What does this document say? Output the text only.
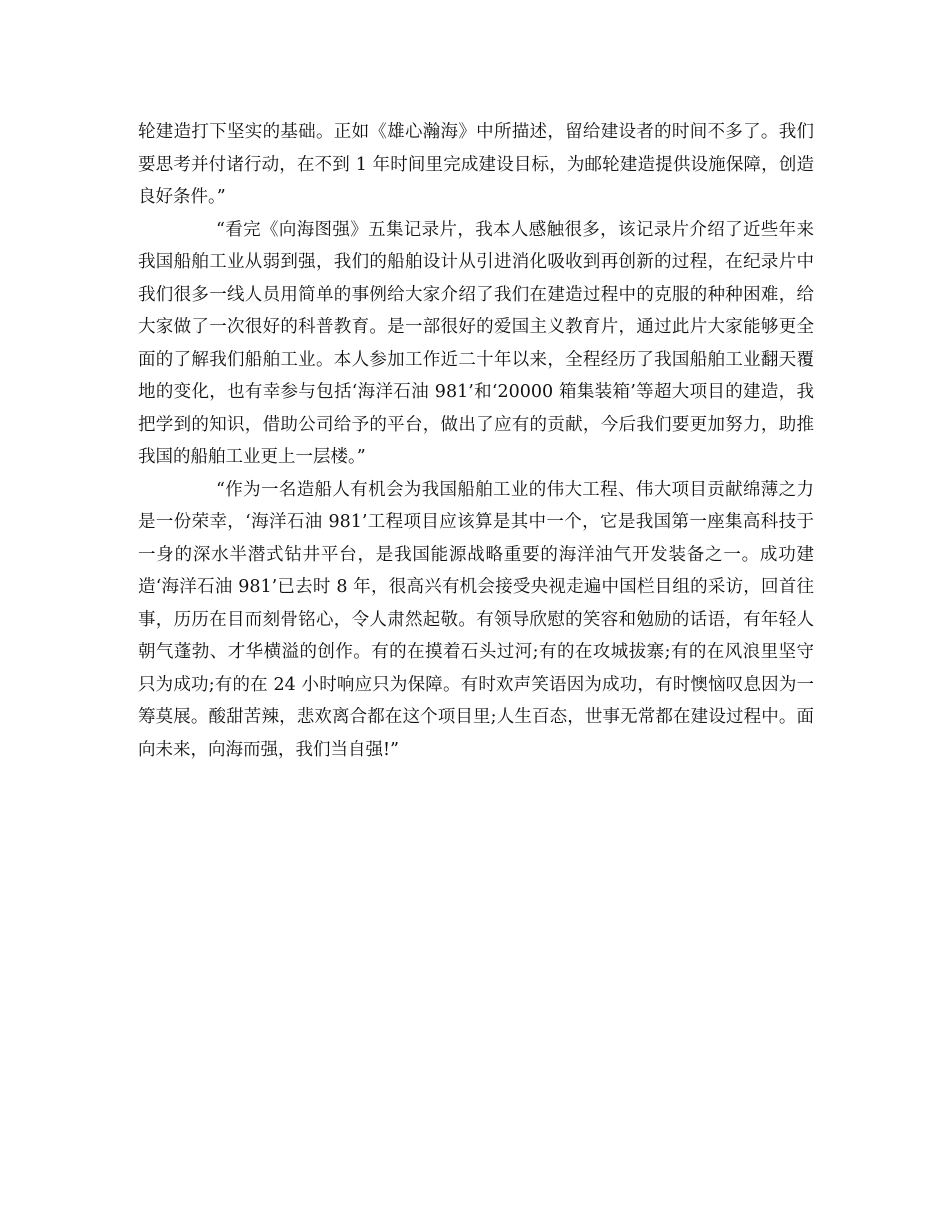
轮建造打下坚实的基础。正如《雄心瀚海》中所描述，留给建设者的时间不多了。我们要思考并付诸行动，在不到 1 年时间里完成建设目标，为邮轮建造提供设施保障，创造良好条件。”

“看完《向海图强》五集记录片，我本人感触很多，该记录片介绍了近些年来我国船舶工业从弱到强，我们的船舶设计从引进消化吸收到再创新的过程，在纪录片中我们很多一线人员用简单的事例给大家介绍了我们在建造过程中的克服的种种困难，给大家做了一次很好的科普教育。是一部很好的爱国主义教育片，通过此片大家能够更全面的了解我们船舶工业。本人参加工作近二十年以来，全程经历了我国船舶工业翻天覆地的变化，也有幸参与包括‘海洋石油 981’和‘20000 箱集装箱’等超大项目的建造，我把学到的知识，借助公司给予的平台，做出了应有的贡献，今后我们要更加努力，助推我国的船舶工业更上一层楼。”

“作为一名造船人有机会为我国船舶工业的伟大工程、伟大项目贡献绵薄之力是一份荣幸，‘海洋石油 981’工程项目应该算是其中一个，它是我国第一座集高科技于一身的深水半潜式钻井平台，是我国能源战略重要的海洋油气开发装备之一。成功建造‘海洋石油 981’已去时 8 年，很高兴有机会接受央视走遍中国栏目组的采访，回首往事，历历在目而刻骨铭心，令人肃然起敬。有领导欣慰的笑容和勉励的话语，有年轻人朝气蓬勃、才华横溢的创作。有的在摸着石头过河;有的在攻城拔寨;有的在风浪里坚守只为成功;有的在 24 小时响应只为保障。有时欢声笑语因为成功，有时懊恼叹息因为一筹莫展。酸甜苦辣，悲欢离合都在这个项目里;人生百态，世事无常都在建设过程中。面向未来，向海而强，我们当自强!”
